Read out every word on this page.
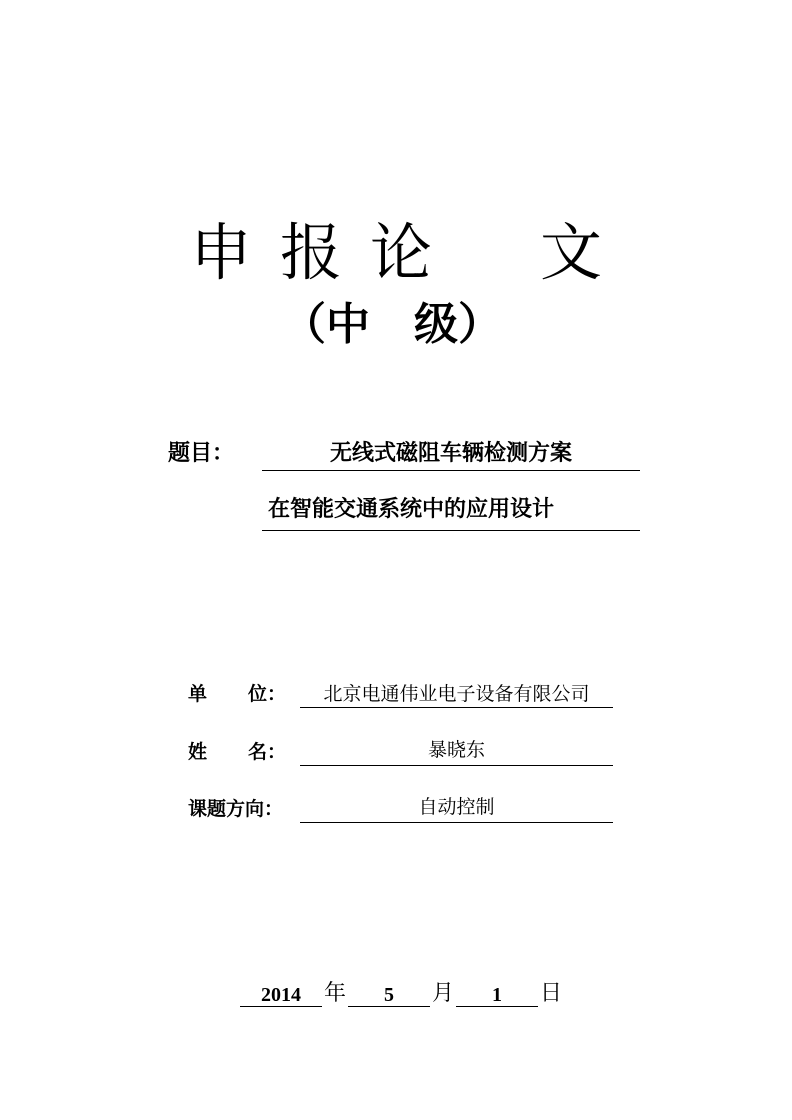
申 报 论 文
（中　级）
题目：	无线式磁阻车辆检测方案
在智能交通系统中的应用设计
单 位：	北京电通伟业电子设备有限公司
姓 名：	暴晓东
课题方向：	自动控制
2014	年	5	月	1	日
